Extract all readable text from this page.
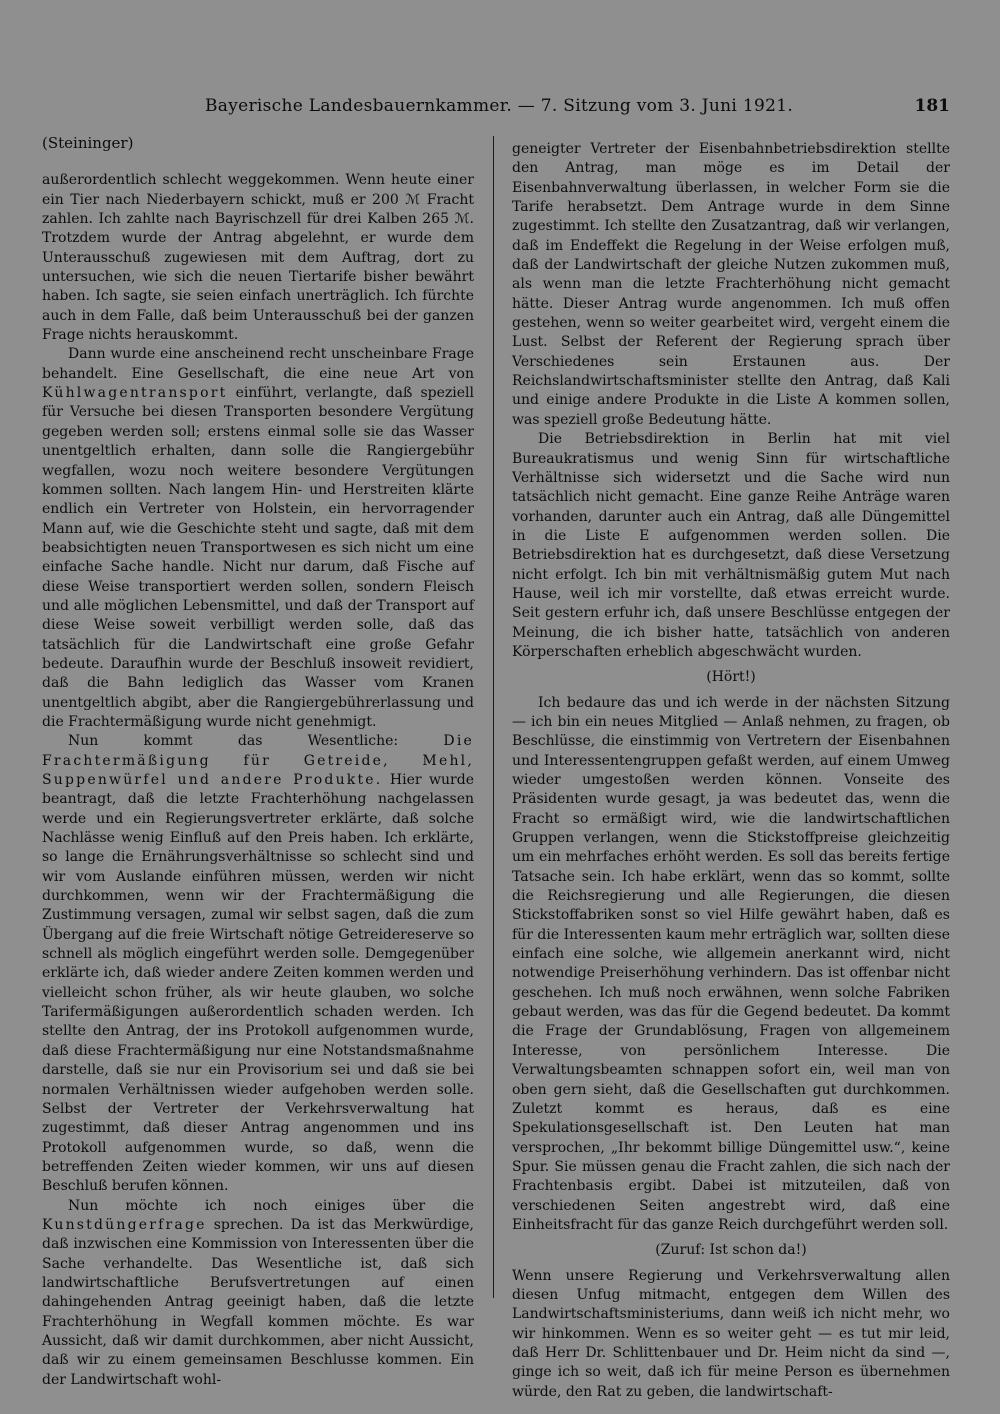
Bayerische Landesbauernkammer. — 7. Sitzung vom 3. Juni 1921.	181

(Steininger)

außerordentlich schlecht weggekommen. Wenn heute einer ein Tier nach Niederbayern schickt, muß er 200 ℳ Fracht zahlen. Ich zahlte nach Bayrischzell für drei Kalben 265 ℳ. Trotzdem wurde der Antrag abgelehnt, er wurde dem Unterausschuß zugewiesen mit dem Auftrag, dort zu untersuchen, wie sich die neuen Tiertarife bisher bewährt haben. Ich sagte, sie seien einfach unerträglich. Ich fürchte auch in dem Falle, daß beim Unterausschuß bei der ganzen Frage nichts herauskommt.

Dann wurde eine anscheinend recht unscheinbare Frage behandelt. Eine Gesellschaft, die eine neue Art von Kühlwagentransport einführt, verlangte, daß speziell für Versuche bei diesen Transporten besondere Vergütung gegeben werden soll; erstens einmal solle sie das Wasser unentgeltlich erhalten, dann solle die Rangiergebühr wegfallen, wozu noch weitere besondere Vergütungen kommen sollten. Nach langem Hin- und Herstreiten klärte endlich ein Vertreter von Holstein, ein hervorragender Mann auf, wie die Geschichte steht und sagte, daß mit dem beabsichtigten neuen Transportwesen es sich nicht um eine einfache Sache handle. Nicht nur darum, daß Fische auf diese Weise transportiert werden sollen, sondern Fleisch und alle möglichen Lebensmittel, und daß der Transport auf diese Weise soweit verbilligt werden solle, daß das tatsächlich für die Landwirtschaft eine große Gefahr bedeute. Daraufhin wurde der Beschluß insoweit revidiert, daß die Bahn lediglich das Wasser vom Kranen unentgeltlich abgibt, aber die Rangiergebührerlassung und die Frachtermäßigung wurde nicht genehmigt.

Nun kommt das Wesentliche: Die Frachtermäßigung für Getreide, Mehl, Suppenwürfel und andere Produkte. Hier wurde beantragt, daß die letzte Frachterhöhung nachgelassen werde und ein Regierungsvertreter erklärte, daß solche Nachlässe wenig Einfluß auf den Preis haben. Ich erklärte, so lange die Ernährungsverhältnisse so schlecht sind und wir vom Auslande einführen müssen, werden wir nicht durchkommen, wenn wir der Frachtermäßigung die Zustimmung versagen, zumal wir selbst sagen, daß die zum Übergang auf die freie Wirtschaft nötige Getreidereserve so schnell als möglich eingeführt werden solle. Demgegenüber erklärte ich, daß wieder andere Zeiten kommen werden und vielleicht schon früher, als wir heute glauben, wo solche Tarifermäßigungen außerordentlich schaden werden. Ich stellte den Antrag, der ins Protokoll aufgenommen wurde, daß diese Frachtermäßigung nur eine Notstandsmaßnahme darstelle, daß sie nur ein Provisorium sei und daß sie bei normalen Verhältnissen wieder aufgehoben werden solle. Selbst der Vertreter der Verkehrsverwaltung hat zugestimmt, daß dieser Antrag angenommen und ins Protokoll aufgenommen wurde, so daß, wenn die betreffenden Zeiten wieder kommen, wir uns auf diesen Beschluß berufen können.

Nun möchte ich noch einiges über die Kunstdüngerfrage sprechen. Da ist das Merkwürdige, daß inzwischen eine Kommission von Interessenten über die Sache verhandelte. Das Wesentliche ist, daß sich landwirtschaftliche Berufsvertretungen auf einen dahingehenden Antrag geeinigt haben, daß die letzte Frachterhöhung in Wegfall kommen möchte. Es war Aussicht, daß wir damit durchkommen, aber nicht Aussicht, daß wir zu einem gemeinsamen Beschlusse kommen. Ein der Landwirtschaft wohl-

geneigter Vertreter der Eisenbahnbetriebsdirektion stellte den Antrag, man möge es im Detail der Eisenbahnverwaltung überlassen, in welcher Form sie die Tarife herabsetzt. Dem Antrage wurde in dem Sinne zugestimmt. Ich stellte den Zusatzantrag, daß wir verlangen, daß im Endeffekt die Regelung in der Weise erfolgen muß, daß der Landwirtschaft der gleiche Nutzen zukommen muß, als wenn man die letzte Frachterhöhung nicht gemacht hätte. Dieser Antrag wurde angenommen. Ich muß offen gestehen, wenn so weiter gearbeitet wird, vergeht einem die Lust. Selbst der Referent der Regierung sprach über Verschiedenes sein Erstaunen aus. Der Reichslandwirtschaftsminister stellte den Antrag, daß Kali und einige andere Produkte in die Liste A kommen sollen, was speziell große Bedeutung hätte.

Die Betriebsdirektion in Berlin hat mit viel Bureaukratismus und wenig Sinn für wirtschaftliche Verhältnisse sich widersetzt und die Sache wird nun tatsächlich nicht gemacht. Eine ganze Reihe Anträge waren vorhanden, darunter auch ein Antrag, daß alle Düngemittel in die Liste E aufgenommen werden sollen. Die Betriebsdirektion hat es durchgesetzt, daß diese Versetzung nicht erfolgt. Ich bin mit verhältnismäßig gutem Mut nach Hause, weil ich mir vorstellte, daß etwas erreicht wurde. Seit gestern erfuhr ich, daß unsere Beschlüsse entgegen der Meinung, die ich bisher hatte, tatsächlich von anderen Körperschaften erheblich abgeschwächt wurden.

(Hört!)

Ich bedaure das und ich werde in der nächsten Sitzung — ich bin ein neues Mitglied — Anlaß nehmen, zu fragen, ob Beschlüsse, die einstimmig von Vertretern der Eisenbahnen und Interessentengruppen gefaßt werden, auf einem Umweg wieder umgestoßen werden können. Vonseite des Präsidenten wurde gesagt, ja was bedeutet das, wenn die Fracht so ermäßigt wird, wie die landwirtschaftlichen Gruppen verlangen, wenn die Stickstoffpreise gleichzeitig um ein mehrfaches erhöht werden. Es soll das bereits fertige Tatsache sein. Ich habe erklärt, wenn das so kommt, sollte die Reichsregierung und alle Regierungen, die diesen Stickstoffabriken sonst so viel Hilfe gewährt haben, daß es für die Interessenten kaum mehr erträglich war, sollten diese einfach eine solche, wie allgemein anerkannt wird, nicht notwendige Preiserhöhung verhindern. Das ist offenbar nicht geschehen. Ich muß noch erwähnen, wenn solche Fabriken gebaut werden, was das für die Gegend bedeutet. Da kommt die Frage der Grundablösung, Fragen von allgemeinem Interesse, von persönlichem Interesse. Die Verwaltungsbeamten schnappen sofort ein, weil man von oben gern sieht, daß die Gesellschaften gut durchkommen. Zuletzt kommt es heraus, daß es eine Spekulationsgesellschaft ist. Den Leuten hat man versprochen, „Ihr bekommt billige Düngemittel usw.“, keine Spur. Sie müssen genau die Fracht zahlen, die sich nach der Frachtenbasis ergibt. Dabei ist mitzuteilen, daß von verschiedenen Seiten angestrebt wird, daß eine Einheitsfracht für das ganze Reich durchgeführt werden soll.

(Zuruf: Ist schon da!)

Wenn unsere Regierung und Verkehrsverwaltung allen diesen Unfug mitmacht, entgegen dem Willen des Landwirtschaftsministeriums, dann weiß ich nicht mehr, wo wir hinkommen. Wenn es so weiter geht — es tut mir leid, daß Herr Dr. Schlittenbauer und Dr. Heim nicht da sind —, ginge ich so weit, daß ich für meine Person es übernehmen würde, den Rat zu geben, die landwirtschaft-
